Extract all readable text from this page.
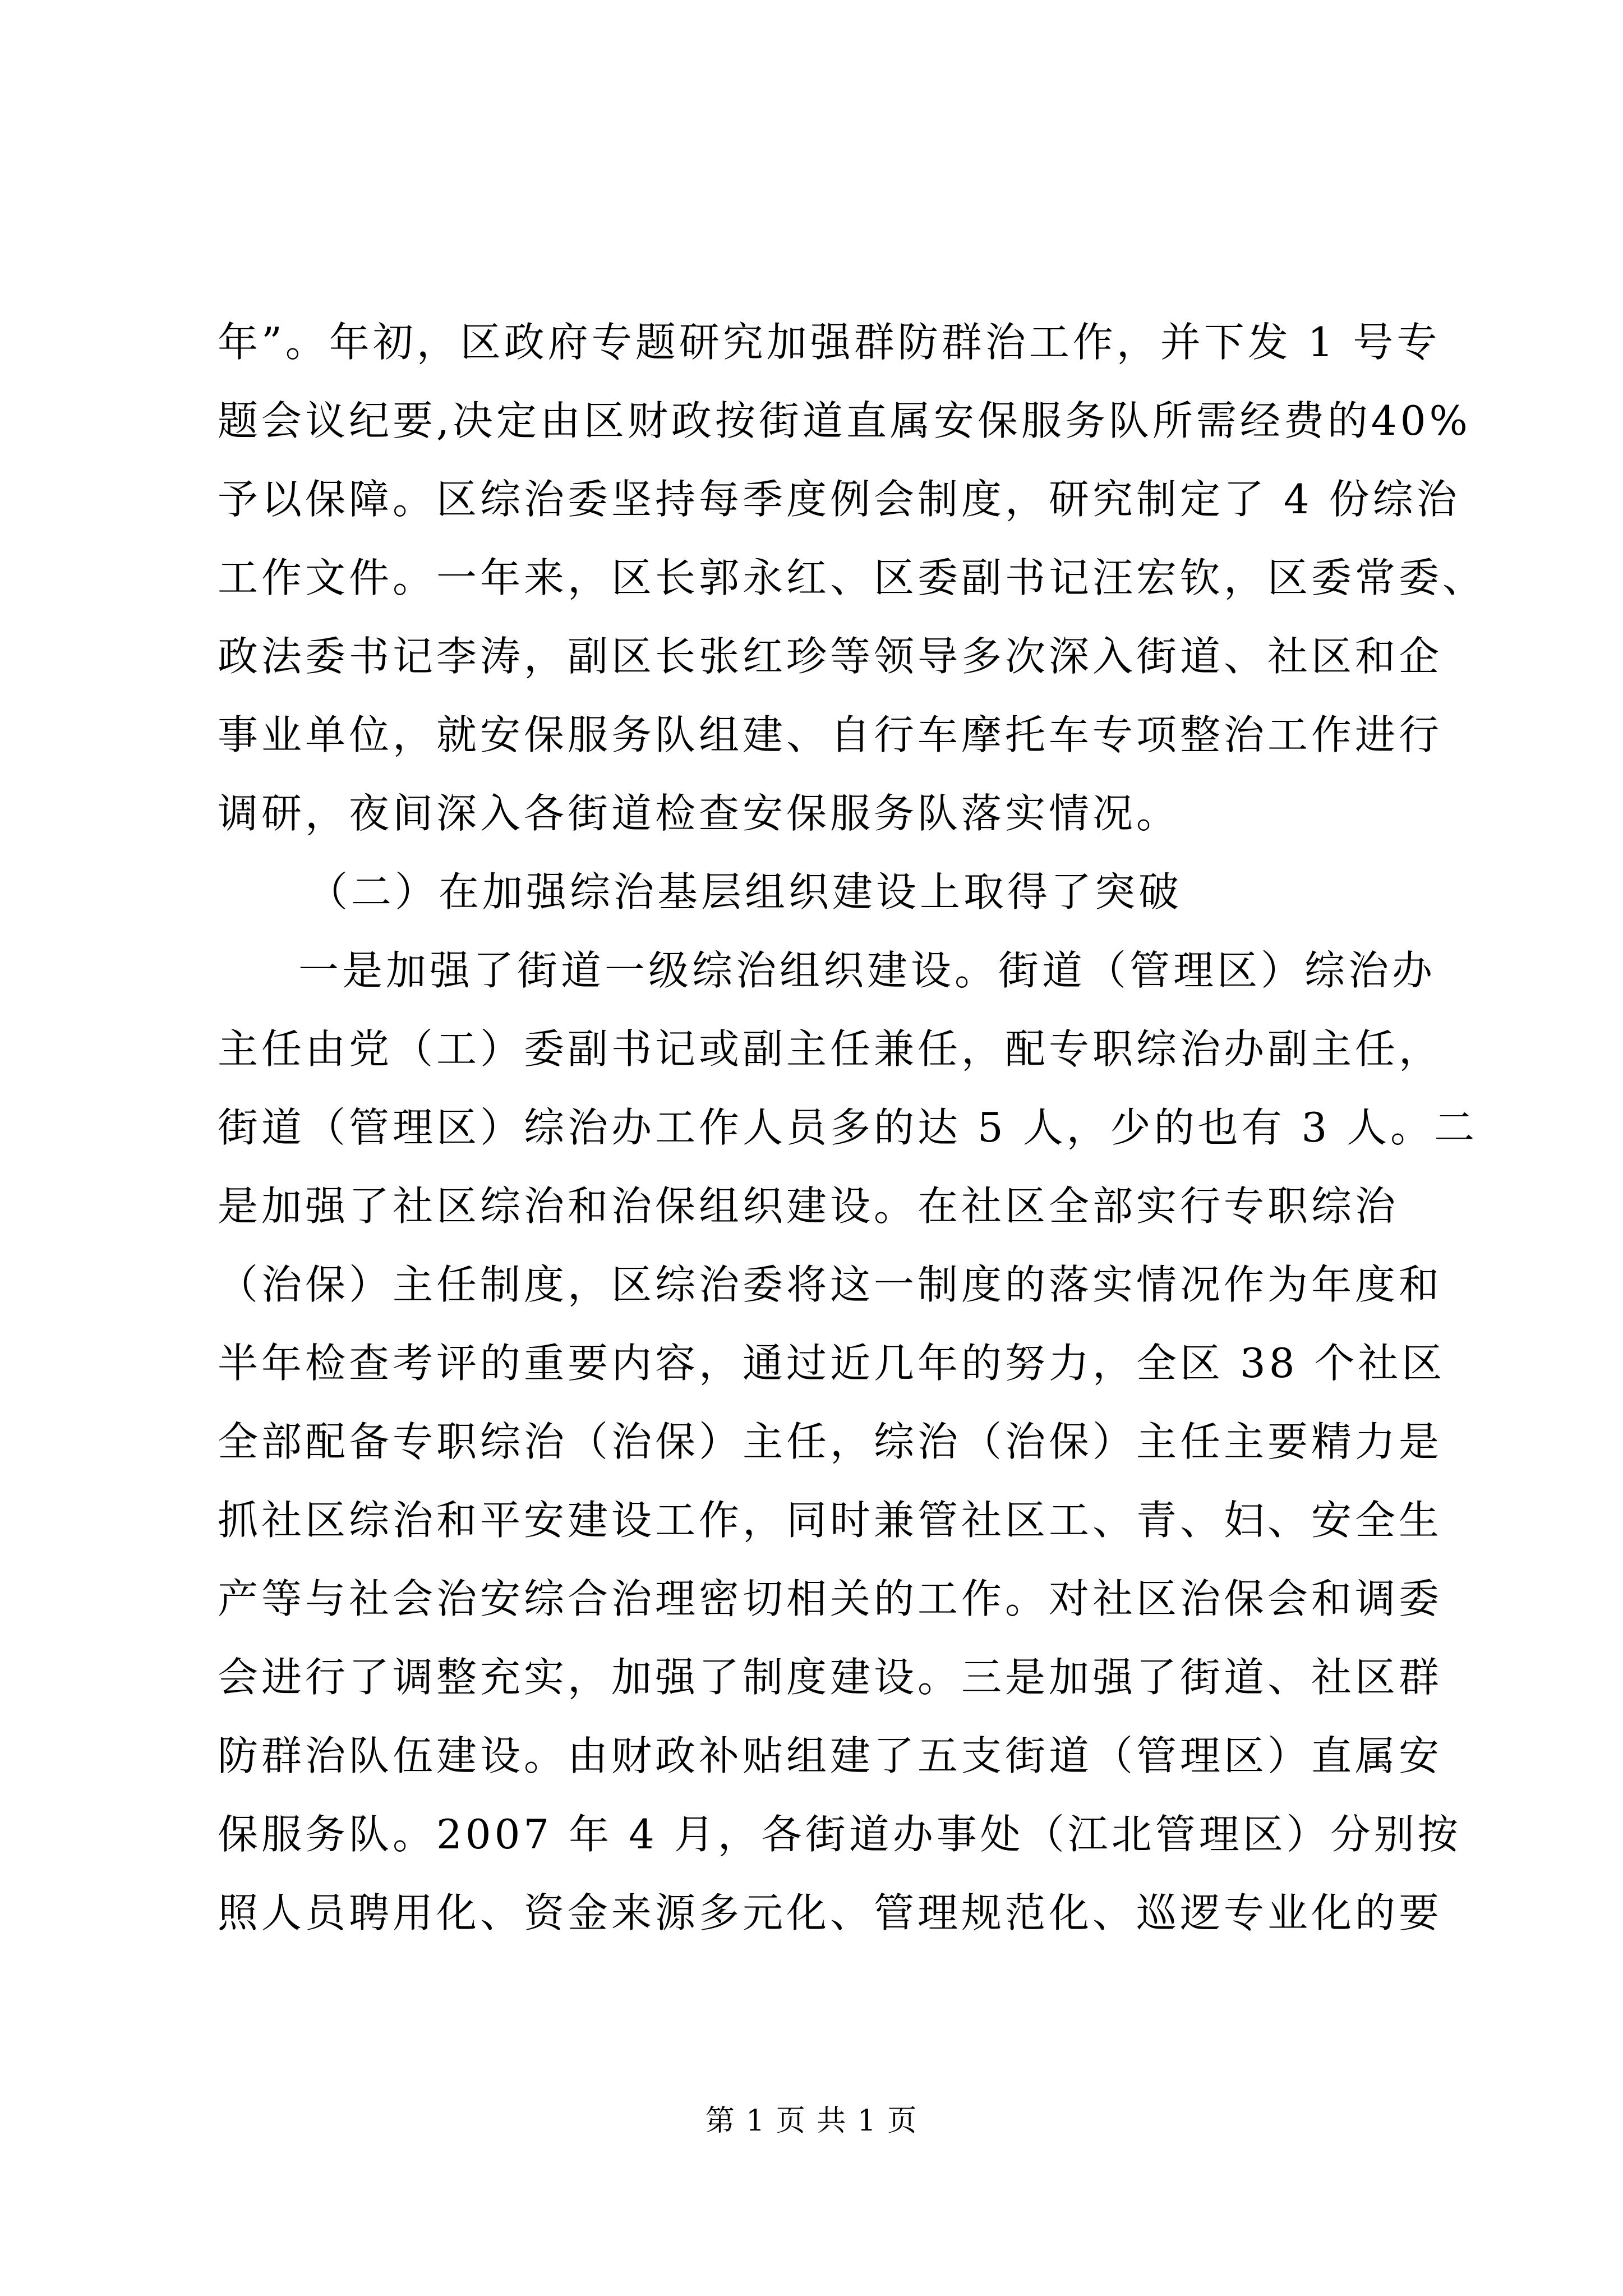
年”。年初，区政府专题研究加强群防群治工作，并下发 1 号专
题会议纪要,决定由区财政按街道直属安保服务队所需经费的40%
予以保障。区综治委坚持每季度例会制度，研究制定了 4 份综治
工作文件。一年来，区长郭永红、区委副书记汪宏钦，区委常委、
政法委书记李涛，副区长张红珍等领导多次深入街道、社区和企
事业单位，就安保服务队组建、自行车摩托车专项整治工作进行
调研，夜间深入各街道检查安保服务队落实情况。
（二）在加强综治基层组织建设上取得了突破
一是加强了街道一级综治组织建设。街道（管理区）综治办
主任由党（工）委副书记或副主任兼任，配专职综治办副主任，
街道（管理区）综治办工作人员多的达 5 人，少的也有 3 人。二
是加强了社区综治和治保组织建设。在社区全部实行专职综治
（治保）主任制度，区综治委将这一制度的落实情况作为年度和
半年检查考评的重要内容，通过近几年的努力，全区 38 个社区
全部配备专职综治（治保）主任，综治（治保）主任主要精力是
抓社区综治和平安建设工作，同时兼管社区工、青、妇、安全生
产等与社会治安综合治理密切相关的工作。对社区治保会和调委
会进行了调整充实，加强了制度建设。三是加强了街道、社区群
防群治队伍建设。由财政补贴组建了五支街道（管理区）直属安
保服务队。2007 年 4 月，各街道办事处（江北管理区）分别按
照人员聘用化、资金来源多元化、管理规范化、巡逻专业化的要
第 1 页 共 1 页
